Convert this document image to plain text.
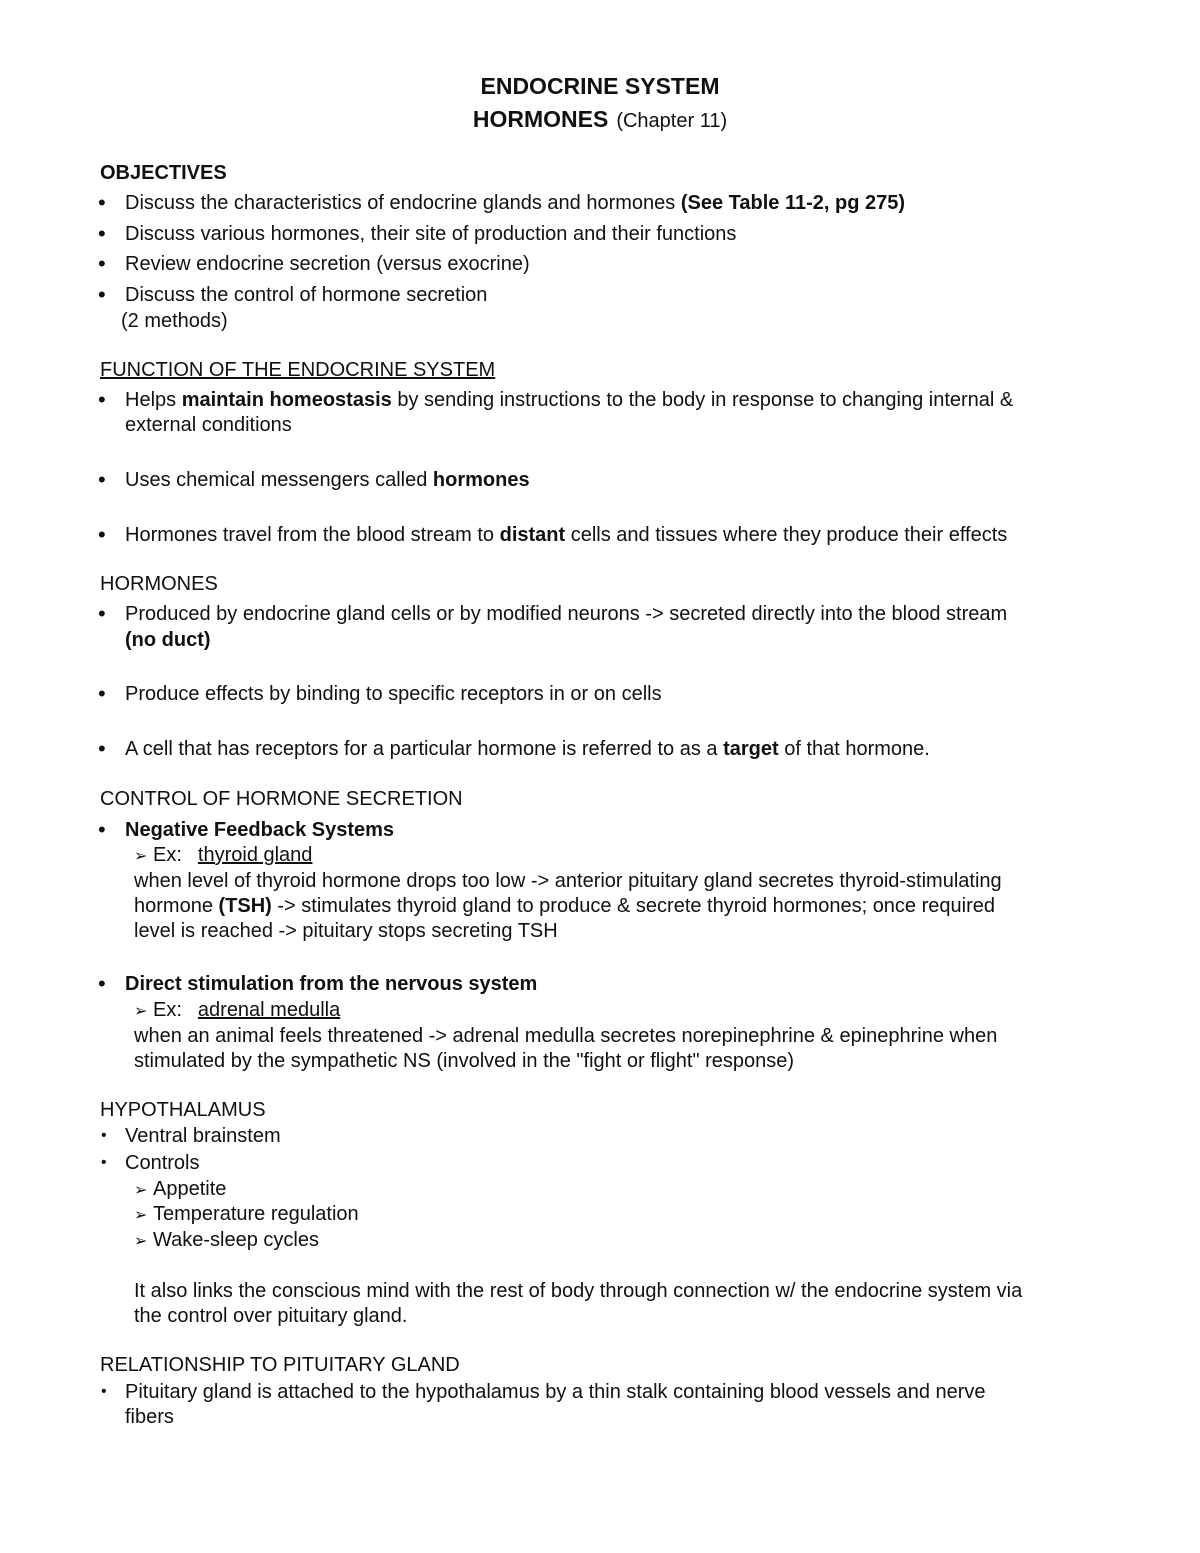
ENDOCRINE SYSTEM
HORMONES (Chapter 11)
OBJECTIVES
• Discuss the characteristics of endocrine glands and hormones (See Table 11-2, pg 275)
• Discuss various hormones, their site of production and their functions
• Review endocrine secretion (versus exocrine)
• Discuss the control of hormone secretion
(2 methods)
FUNCTION OF THE ENDOCRINE SYSTEM
• Helps maintain homeostasis by sending instructions to the body in response to changing internal &
external conditions
• Uses chemical messengers called hormones
• Hormones travel from the blood stream to distant cells and tissues where they produce their effects
HORMONES
• Produced by endocrine gland cells or by modified neurons -> secreted directly into the blood stream
(no duct)
• Produce effects by binding to specific receptors in or on cells
• A cell that has receptors for a particular hormone is referred to as a target of that hormone.
CONTROL OF HORMONE SECRETION
• Negative Feedback Systems
➢ Ex: thyroid gland
when level of thyroid hormone drops too low -> anterior pituitary gland secretes thyroid-stimulating
hormone (TSH) -> stimulates thyroid gland to produce & secrete thyroid hormones; once required
level is reached -> pituitary stops secreting TSH
• Direct stimulation from the nervous system
➢ Ex: adrenal medulla
when an animal feels threatened -> adrenal medulla secretes norepinephrine & epinephrine when
stimulated by the sympathetic NS (involved in the "fight or flight" response)
HYPOTHALAMUS
• Ventral brainstem
• Controls
➢ Appetite
➢ Temperature regulation
➢ Wake-sleep cycles
It also links the conscious mind with the rest of body through connection w/ the endocrine system via
the control over pituitary gland.
RELATIONSHIP TO PITUITARY GLAND
• Pituitary gland is attached to the hypothalamus by a thin stalk containing blood vessels and nerve
fibers
